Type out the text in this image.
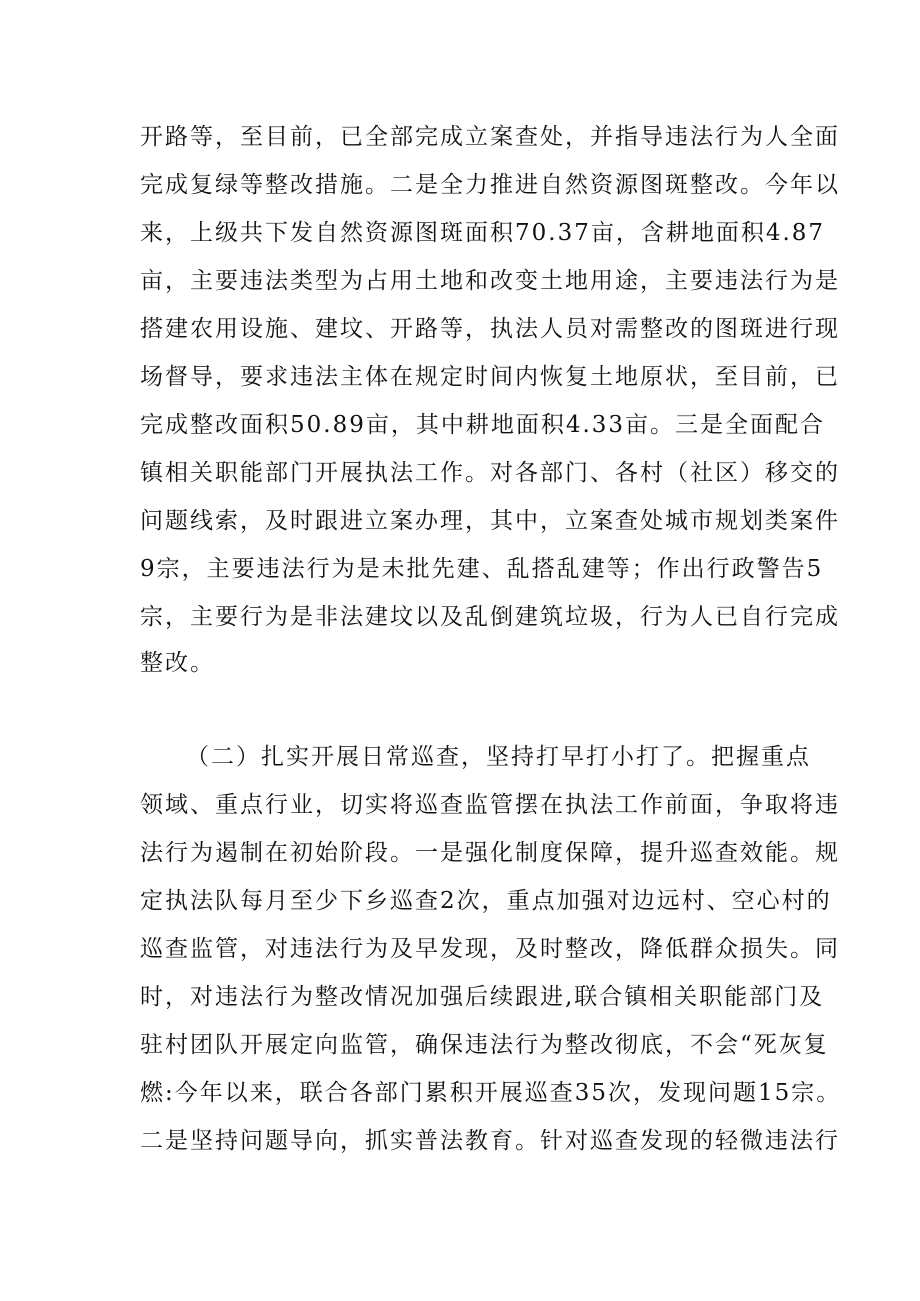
开路等，至目前，已全部完成立案查处，并指导违法行为人全面
完成复绿等整改措施。二是全力推进自然资源图斑整改。今年以
来，上级共下发自然资源图斑面积70.37亩，含耕地面积4.87
亩，主要违法类型为占用土地和改变土地用途，主要违法行为是
搭建农用设施、建坟、开路等，执法人员对需整改的图斑进行现
场督导，要求违法主体在规定时间内恢复土地原状，至目前，已
完成整改面积50.89亩，其中耕地面积4.33亩。三是全面配合
镇相关职能部门开展执法工作。对各部门、各村（社区）移交的
问题线索，及时跟进立案办理，其中，立案查处城市规划类案件
9宗，主要违法行为是未批先建、乱搭乱建等；作出行政警告5
宗，主要行为是非法建坟以及乱倒建筑垃圾，行为人已自行完成
整改。
（二）扎实开展日常巡查，坚持打早打小打了。把握重点
领域、重点行业，切实将巡查监管摆在执法工作前面，争取将违
法行为遏制在初始阶段。一是强化制度保障，提升巡查效能。规
定执法队每月至少下乡巡查2次，重点加强对边远村、空心村的
巡查监管，对违法行为及早发现，及时整改，降低群众损失。同
时，对违法行为整改情况加强后续跟进,联合镇相关职能部门及
驻村团队开展定向监管，确保违法行为整改彻底，不会“死灰复
燃:今年以来，联合各部门累积开展巡查35次，发现问题15宗。
二是坚持问题导向，抓实普法教育。针对巡查发现的轻微违法行
